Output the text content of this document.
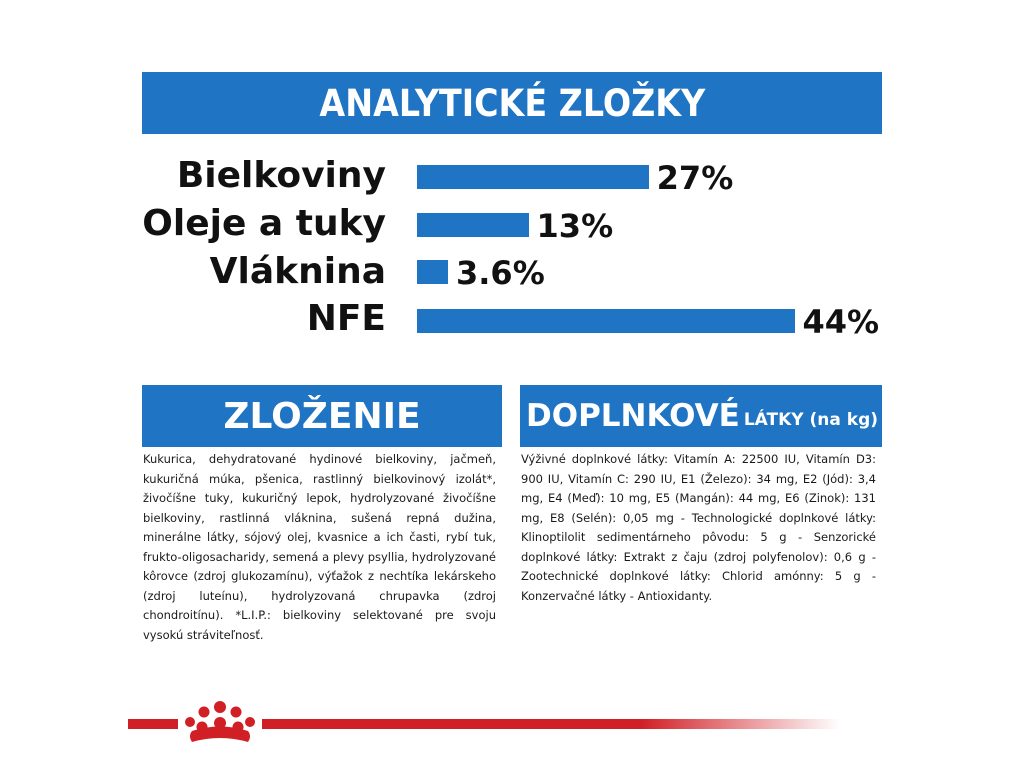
ANALYTICKÉ ZLOŽKY
Bielkoviny	27%
Oleje a tuky	13%
Vláknina 3.6%
NFE	44%
ZLOŽENIE

Kukurica, dehydratované hydinové bielkoviny, jačmeň, kukuričná múka, pšenica, rastlinný bielkovinový izolát*, živočíšne tuky, kukuričný lepok, hydrolyzované živočíšne bielkoviny, rastlinná vláknina, sušená repná dužina, minerálne látky, sójový olej, kvasnice a ich časti, rybí tuk, frukto-oligosacharidy, semená a plevy psyllia, hydrolyzované kôrovce (zdroj glukozamínu), výťažok z nechtíka lekárskeho (zdroj luteínu), hydrolyzovaná chrupavka (zdroj chondroitínu). *L.I.P.: bielkoviny selektované pre svoju vysokú stráviteľnosť.

DOPLNKOVÉ LÁTKY (na kg)

Výživné doplnkové látky: Vitamín A: 22500 IU, Vitamín D3: 900 IU, Vitamín C: 290 IU, E1 (Železo): 34 mg, E2 (Jód): 3,4 mg, E4 (Meď): 10 mg, E5 (Mangán): 44 mg, E6 (Zinok): 131 mg, E8 (Selén): 0,05 mg - Technologické doplnkové látky: Klinoptilolit sedimentárneho pôvodu: 5 g - Senzorické doplnkové látky: Extrakt z čaju (zdroj polyfenolov): 0,6 g - Zootechnické doplnkové látky: Chlorid amónny: 5 g - Konzervačné látky - Antioxidanty.
